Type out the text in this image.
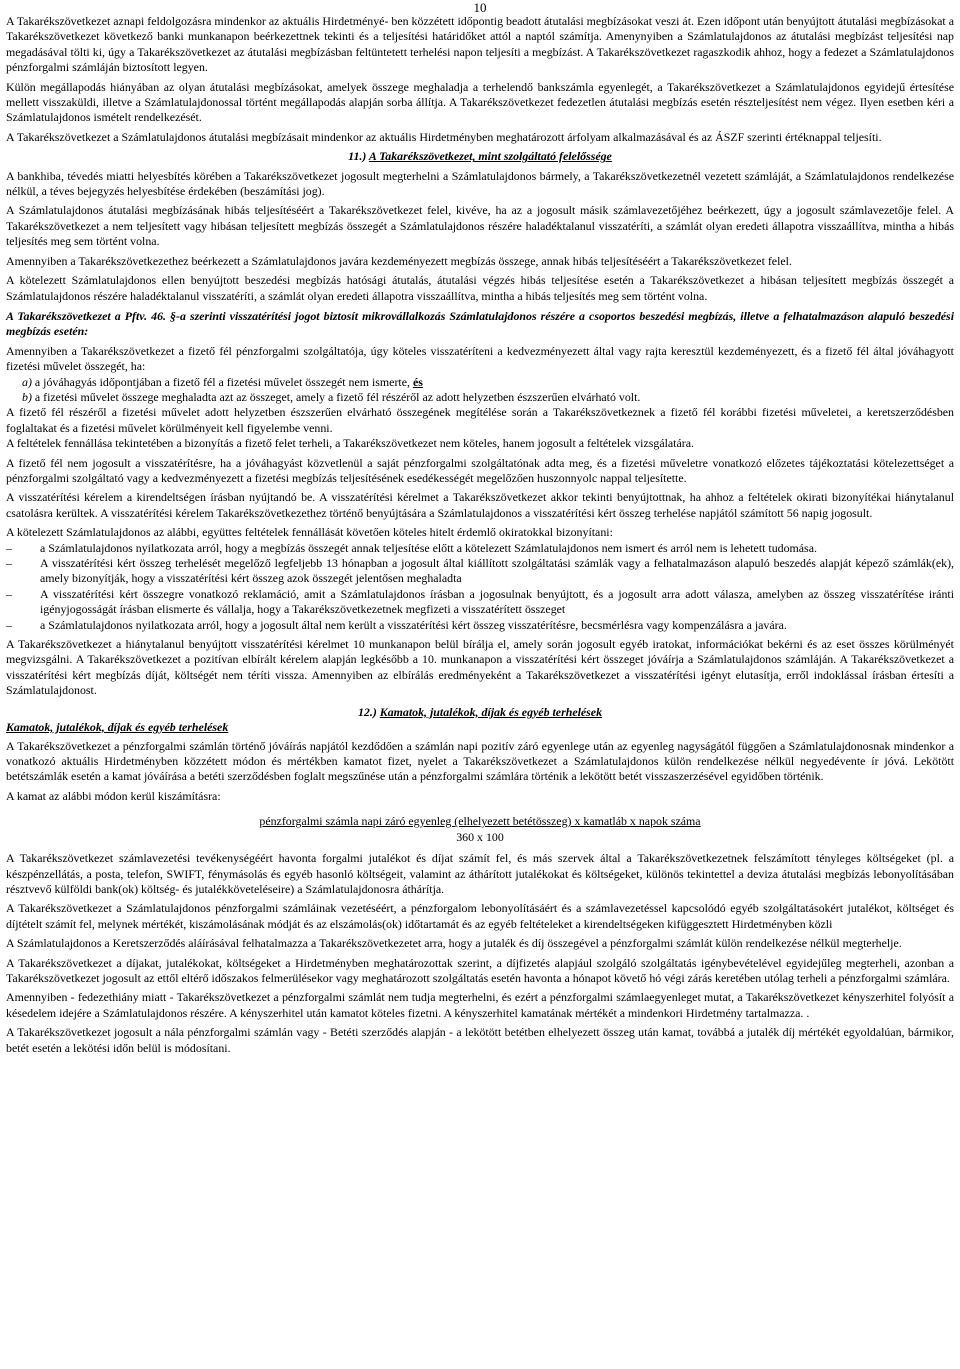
10

A Takarékszövetkezet aznapi feldolgozásra mindenkor az aktuális Hirdetményé- ben közzétett időpontig beadott átutalási megbízásokat veszi át. Ezen időpont után benyújtott átutalási megbízásokat a Takarékszövetkezet következő banki munkanapon beérkezettnek tekinti és a teljesítési határidőket attól a naptól számítja. Amenynyiben a Számlatulajdonos az átutalási megbízást teljesítési nap megadásával tölti ki, úgy a Takarékszövetkezet az átutalási megbízásban feltüntetett terhelési napon teljesíti a megbízást. A Takarékszövetkezet ragaszkodik ahhoz, hogy a fedezet a Számlatulajdonos pénzforgalmi számláján biztosított legyen.

Külön megállapodás hiányában az olyan átutalási megbízásokat, amelyek összege meghaladja a terhelendő bankszámla egyenlegét, a Takarékszövetkezet a Számlatulajdonos egyidejű értesítése mellett visszaküldi, illetve a Számlatulajdonossal történt megállapodás alapján sorba állítja. A Takarékszövetkezet fedezetlen átutalási megbízás esetén részteljesítést nem végez. Ilyen esetben kéri a Számlatulajdonos ismételt rendelkezését.

A Takarékszövetkezet a Számlatulajdonos átutalási megbízásait mindenkor az aktuális Hirdetményben meghatározott árfolyam alkalmazásával és az ÁSZF szerinti értéknappal teljesíti.

11.) A Takarékszövetkezet, mint szolgáltató felelőssége

A bankhiba, tévedés miatti helyesbítés körében a Takarékszövetkezet jogosult megterhelni a Számlatulajdonos bármely, a Takarékszövetkezetnél vezetett számláját, a Számlatulajdonos rendelkezése nélkül, a téves bejegyzés helyesbítése érdekében (beszámítási jog).

A Számlatulajdonos átutalási megbízásának hibás teljesítéséért a Takarékszövetkezet felel, kivéve, ha az a jogosult másik számlavezetőjéhez beérkezett, úgy a jogosult számlavezetője felel. A Takarékszövetkezet a nem teljesített vagy hibásan teljesített megbízás összegét a Számlatulajdonos részére haladéktalanul visszatéríti, a számlát olyan eredeti állapotra visszaállítva, mintha a hibás teljesítés meg sem történt volna.

Amennyiben a Takarékszövetkezethez beérkezett a Számlatulajdonos javára kezdeményezett megbízás összege, annak hibás teljesítéséért a Takarékszövetkezet felel.

A kötelezett Számlatulajdonos ellen benyújtott beszedési megbízás hatósági átutalás, átutalási végzés hibás teljesítése esetén a Takarékszövetkezet a hibásan teljesített megbízás összegét a Számlatulajdonos részére haladéktalanul visszatéríti, a számlát olyan eredeti állapotra visszaállítva, mintha a hibás teljesítés meg sem történt volna.

A Takarékszövetkezet a Pftv. 46. §-a szerinti visszatérítési jogot biztosít mikrovállalkozás Számlatulajdonos részére a csoportos beszedési megbízás, illetve a felhatalmazáson alapuló beszedési megbízás esetén:

Amennyiben a Takarékszövetkezet a fizető fél pénzforgalmi szolgáltatója, úgy köteles visszatéríteni a kedvezményezett által vagy rajta keresztül kezdeményezett, és a fizető fél által jóváhagyott fizetési művelet összegét, ha:

a) a jóváhagyás időpontjában a fizető fél a fizetési művelet összegét nem ismerte, és

b) a fizetési művelet összege meghaladta azt az összeget, amely a fizető fél részéről az adott helyzetben észszerűen elvárható volt.

A fizető fél részéről a fizetési művelet adott helyzetben észszerűen elvárható összegének megítélése során a Takarékszövetkeznek a fizető fél korábbi fizetési műveletei, a keretszerződésben foglaltakat és a fizetési művelet körülményeit kell figyelembe venni.

A feltételek fennállása tekintetében a bizonyítás a fizető felet terheli, a Takarékszövetkezet nem köteles, hanem jogosult a feltételek vizsgálatára.

A fizető fél nem jogosult a visszatérítésre, ha a jóváhagyást közvetlenül a saját pénzforgalmi szolgáltatónak adta meg, és a fizetési műveletre vonatkozó előzetes tájékoztatási kötelezettséget a pénzforgalmi szolgáltató vagy a kedvezményezett a fizetési megbízás teljesítésének esedékességét megelőzően huszonnyolc nappal teljesítette.

A visszatérítési kérelem a kirendeltségen írásban nyújtandó be. A visszatérítési kérelmet a Takarékszövetkezet akkor tekinti benyújtottnak, ha ahhoz a feltételek okirati bizonyítékai hiánytalanul csatolásra kerültek. A visszatérítési kérelem Takarékszövetkezethez történő benyújtására a Számlatulajdonos a visszatérítési kért összeg terhelése napjától számított 56 napig jogosult.

A kötelezett Számlatulajdonos az alábbi, együttes feltételek fennállását követően köteles hitelt érdemlő okiratokkal bizonyítani:

– a Számlatulajdonos nyilatkozata arról, hogy a megbízás összegét annak teljesítése előtt a kötelezett Számlatulajdonos nem ismert és arról nem is lehetett tudomása.
– A visszatérítési kért összeg terhelését megelőző legfeljebb 13 hónapban a jogosult által kiállított szolgáltatási számlák vagy a felhatalmazáson alapuló beszedés alapját képező számlák(ek), amely bizonyítják, hogy a visszatérítési kért összeg azok összegét jelentősen meghaladta
– A visszatérítési kért összegre vonatkozó reklamáció, amit a Számlatulajdonos írásban a jogosulnak benyújtott, és a jogosult arra adott válasza, amelyben az összeg visszatérítése iránti igényjogosságát írásban elismerte és vállalja, hogy a Takarékszövetkezetnek megfizeti a visszatérített összeget
– a Számlatulajdonos nyilatkozata arról, hogy a jogosult által nem került a visszatérítési kért összeg visszatérítésre, becsmérlésra vagy kompenzálásra a javára.

A Takarékszövetkezet a hiánytalanul benyújtott visszatérítési kérelmet 10 munkanapon belül bírálja el, amely során jogosult egyéb iratokat, információkat bekérni és az eset összes körülményét megvizsgálni. A Takarékszövetkezet a pozitívan elbírált kérelem alapján legkésőbb a 10. munkanapon a visszatérítési kért összeget jóváírja a Számlatulajdonos számláján. A Takarékszövetkezet a visszatérítési kért megbízás díját, költségét nem téríti vissza. Amennyiben az elbírálás eredményeként a Takarékszövetkezet a visszatérítési igényt elutasítja, erről indoklással írásban értesíti a Számlatulajdonost.

12.) Kamatok, jutalékok, díjak és egyéb terhelések
Kamatok, jutalékok, díjak és egyéb terhelések

A Takarékszövetkezet a pénzforgalmi számlán történő jóváírás napjától kezdődően a számlán napi pozitív záró egyenlege után az egyenleg nagyságától függően a Számlatulajdonosnak mindenkor a vonatkozó aktuális Hirdetményben közzétett módon és mértékben kamatot fizet, nyelet a Takarékszövetkezet a Számlatulajdonos külön rendelkezése nélkül negyedévente ír jóvá. Lekötött betétszámlák esetén a kamat jóváírása a betéti szerződésben foglalt megszűnése után a pénzforgalmi számlára történik a lekötött betét visszaszerzésével egyidőben történik.

A kamat az alábbi módon kerül kiszámításra:

pénzforgalmi számla napi záró egyenleg (elhelyezett betétösszeg) x kamatláb x napok száma
360 x 100

A Takarékszövetkezet számlavezetési tevékenységéért havonta forgalmi jutalékot és díjat számít fel, és más szervek által a Takarékszövetkezetnek felszámított tényleges költségeket (pl. a készpénzellátás, a posta, telefon, SWIFT, fénymásolás és egyéb hasonló költségeit, valamint az áthárított jutalékokat és költségeket, különös tekintettel a deviza átutalási megbízás lebonyolításában résztvevő külföldi bank(ok) költség- és jutalékköveteléseire) a Számlatulajdonosra áthárítja.

A Takarékszövetkezet a Számlatulajdonos pénzforgalmi számláinak vezetéséért, a pénzforgalom lebonyolításáért és a számlavezetéssel kapcsolódó egyéb szolgáltatásokért jutalékot, költséget és díjtételt számít fel, melynek mértékét, kiszámolásának módját és az elszámolás(ok) időtartamát és az egyéb feltételeket a kirendeltségeken kifüggesztett Hirdetményben közli

A Számlatulajdonos a Keretszerződés aláírásával felhatalmazza a Takarékszövetkezetet arra, hogy a jutalék és díj összegével a pénzforgalmi számlát külön rendelkezése nélkül megterhelje.

A Takarékszövetkezet a díjakat, jutalékokat, költségeket a Hirdetményben meghatározottak szerint, a díjfizetés alapjául szolgáló szolgáltatás igénybevételével egyidejűleg megterheli, azonban a Takarékszövetkezet jogosult az ettől eltérő időszakos felmerülésekor vagy meghatározott szolgáltatás esetén havonta a hónapot követő hó végi zárás keretében utólag terheli a pénzforgalmi számlára.

Amennyiben - fedezethiány miatt - Takarékszövetkezet a pénzforgalmi számlát nem tudja megterhelni, és ezért a pénzforgalmi számlaegyenleget mutat, a Takarékszövetkezet kényszerhitel folyósít a késedelem idejére a Számlatulajdonos részére. A kényszerhitel után kamatot köteles fizetni. A kényszerhitel kamatának mértékét a mindenkori Hirdetmény tartalmazza. .

A Takarékszövetkezet jogosult a nála pénzforgalmi számlán vagy - Betéti szerződés alapján - a lekötött betétben elhelyezett összeg után kamat, továbbá a jutalék díj mértékét egyoldalúan, bármikor, betét esetén a lekötési időn belül is módosítani.
